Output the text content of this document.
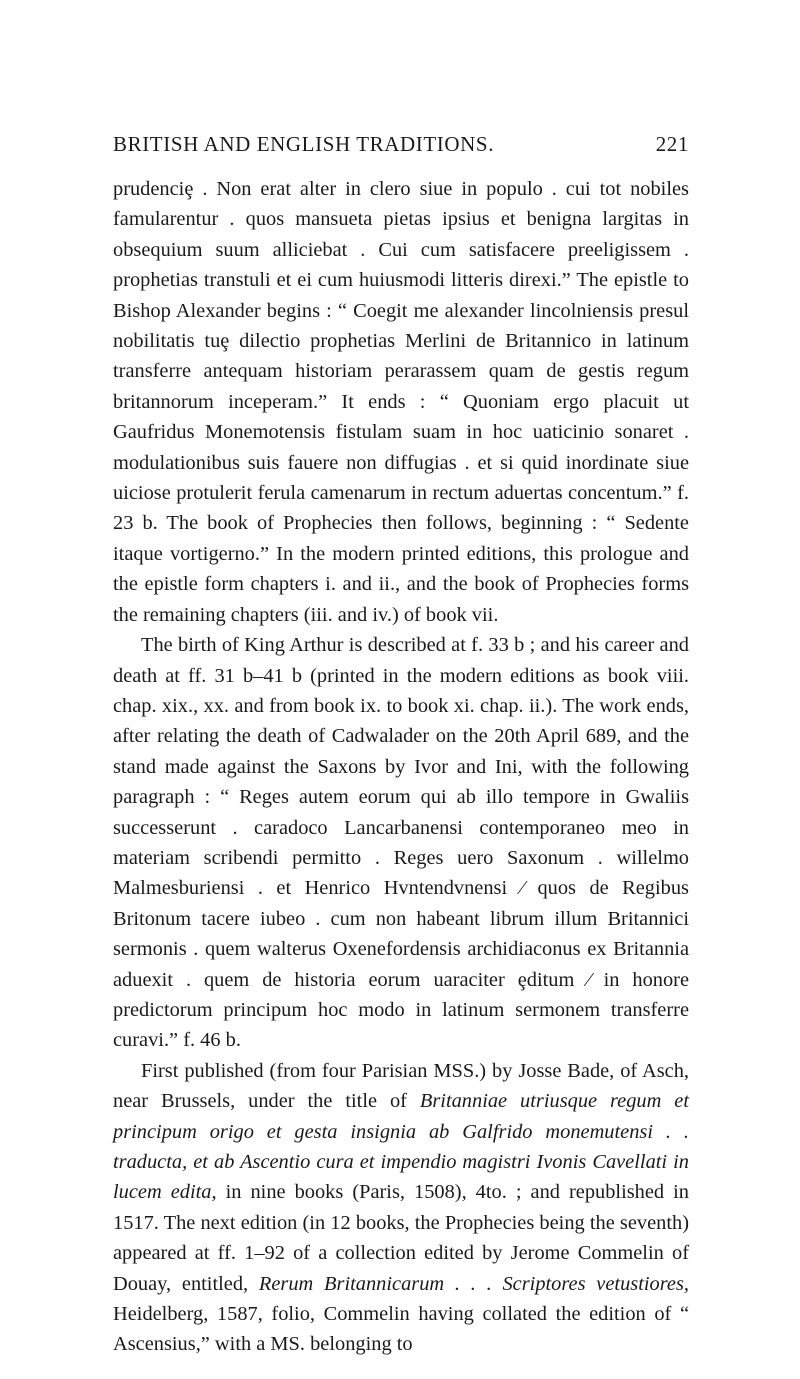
BRITISH AND ENGLISH TRADITIONS.	221

prudenciȩ . Non erat alter in clero siue in populo . cui tot nobiles famularentur . quos mansueta pietas ipsius et benigna largitas in obsequium suum alliciebat . Cui cum satisfacere preeligissem . prophetias transtuli et ei cum huiusmodi litteris direxi.” The epistle to Bishop Alexander begins : “ Coegit me alexander lincolniensis presul nobilitatis tuȩ dilectio prophetias Merlini de Britannico in latinum transferre antequam historiam perarassem quam de gestis regum britannorum inceperam.” It ends : “ Quoniam ergo placuit ut Gaufridus Monemotensis fistulam suam in hoc uaticinio sonaret . modulationibus suis fauere non diffugias . et si quid inordinate siue uiciose protulerit ferula camenarum in rectum aduertas concentum.” f. 23 b. The book of Prophecies then follows, beginning : “ Sedente itaque vortigerno.” In the modern printed editions, this prologue and the epistle form chapters i. and ii., and the book of Prophecies forms the remaining chapters (iii. and iv.) of book vii.

The birth of King Arthur is described at f. 33 b ; and his career and death at ff. 31 b–41 b (printed in the modern editions as book viii. chap. xix., xx. and from book ix. to book xi. chap. ii.). The work ends, after relating the death of Cadwalader on the 20th April 689, and the stand made against the Saxons by Ivor and Ini, with the following paragraph : “ Reges autem eorum qui ab illo tempore in Gwaliis successerunt . caradoco Lancarbanensi contemporaneo meo in materiam scribendi permitto . Reges uero Saxonum . willelmo Malmesburiensi . et Henrico Hvntendvnensi ⁄ quos de Regibus Britonum tacere iubeo . cum non habeant librum illum Britannici sermonis . quem walterus Oxenefordensis archidiaconus ex Britannia aduexit . quem de historia eorum uaraciter ȩditum ⁄ in honore predictorum principum hoc modo in latinum sermonem transferre curavi.” f. 46 b.

First published (from four Parisian MSS.) by Josse Bade, of Asch, near Brussels, under the title of Britanniae utriusque regum et principum origo et gesta insignia ab Galfrido monemutensi . . traducta, et ab Ascentio cura et impendio magistri Ivonis Cavellati in lucem edita, in nine books (Paris, 1508), 4to. ; and republished in 1517. The next edition (in 12 books, the Prophecies being the seventh) appeared at ff. 1–92 of a collection edited by Jerome Commelin of Douay, entitled, Rerum Britannicarum . . . Scriptores vetustiores, Heidelberg, 1587, folio, Commelin having collated the edition of “ Ascensius,” with a MS. belonging to
